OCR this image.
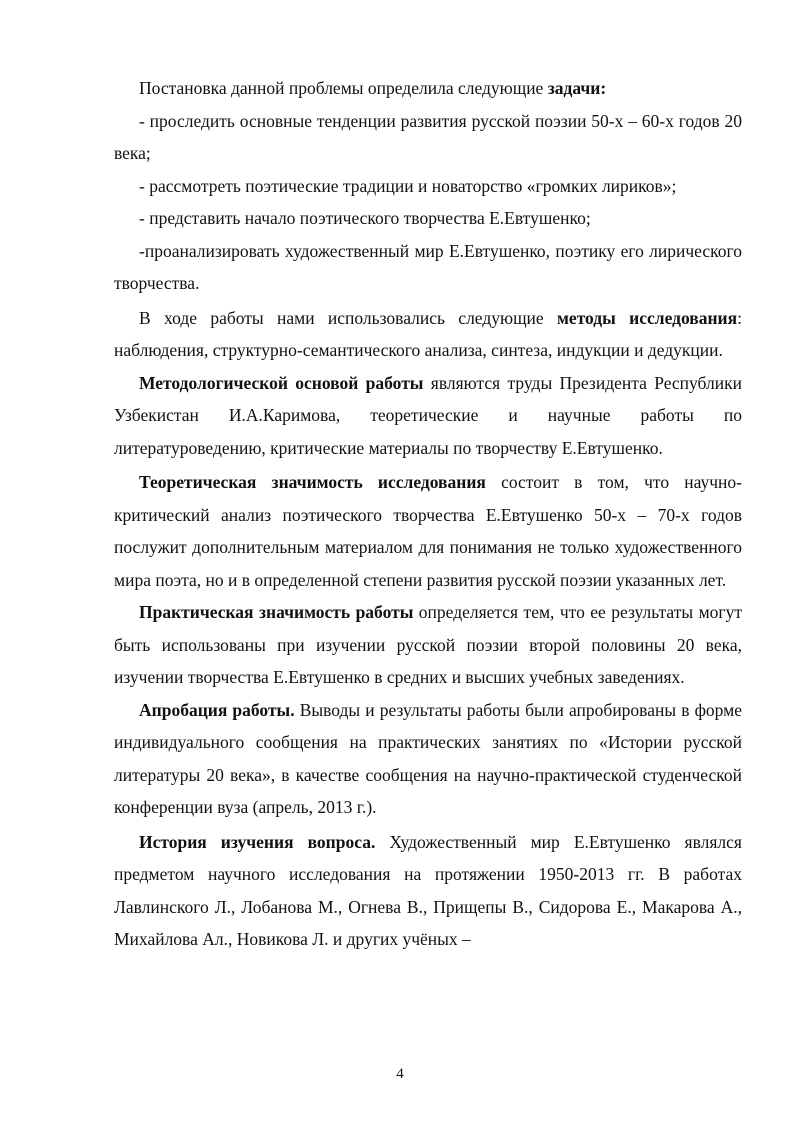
Постановка данной проблемы определила следующие задачи:

- проследить основные тенденции развития русской поэзии 50-х – 60-х годов 20 века;

- рассмотреть поэтические традиции и новаторство «громких лириков»;

- представить начало поэтического творчества Е.Евтушенко;

-проанализировать художественный мир Е.Евтушенко, поэтику его лирического творчества.

В ходе работы нами использовались следующие методы исследования: наблюдения, структурно-семантического анализа, синтеза, индукции и дедукции.

Методологической основой работы являются труды Президента Республики Узбекистан И.А.Каримова, теоретические и научные работы по литературоведению, критические материалы по творчеству Е.Евтушенко.

Теоретическая значимость исследования состоит в том, что научно-критический анализ поэтического творчества Е.Евтушенко 50-х – 70-х годов послужит дополнительным материалом для понимания не только художественного мира поэта, но и в определенной степени развития русской поэзии указанных лет.

Практическая значимость работы определяется тем, что ее результаты могут быть использованы при изучении русской поэзии второй половины 20 века, изучении творчества Е.Евтушенко в средних и высших учебных заведениях.

Апробация работы. Выводы и результаты работы были апробированы в форме индивидуального сообщения на практических занятиях по «Истории русской литературы 20 века», в качестве сообщения на научно-практической студенческой конференции вуза (апрель, 2013 г.).

История изучения вопроса. Художественный мир Е.Евтушенко являлся предметом научного исследования на протяжении 1950-2013 гг. В работах Лавлинского Л., Лобанова М., Огнева В., Прищепы В., Сидорова Е., Макарова А., Михайлова Ал., Новикова Л. и других учёных –

4
